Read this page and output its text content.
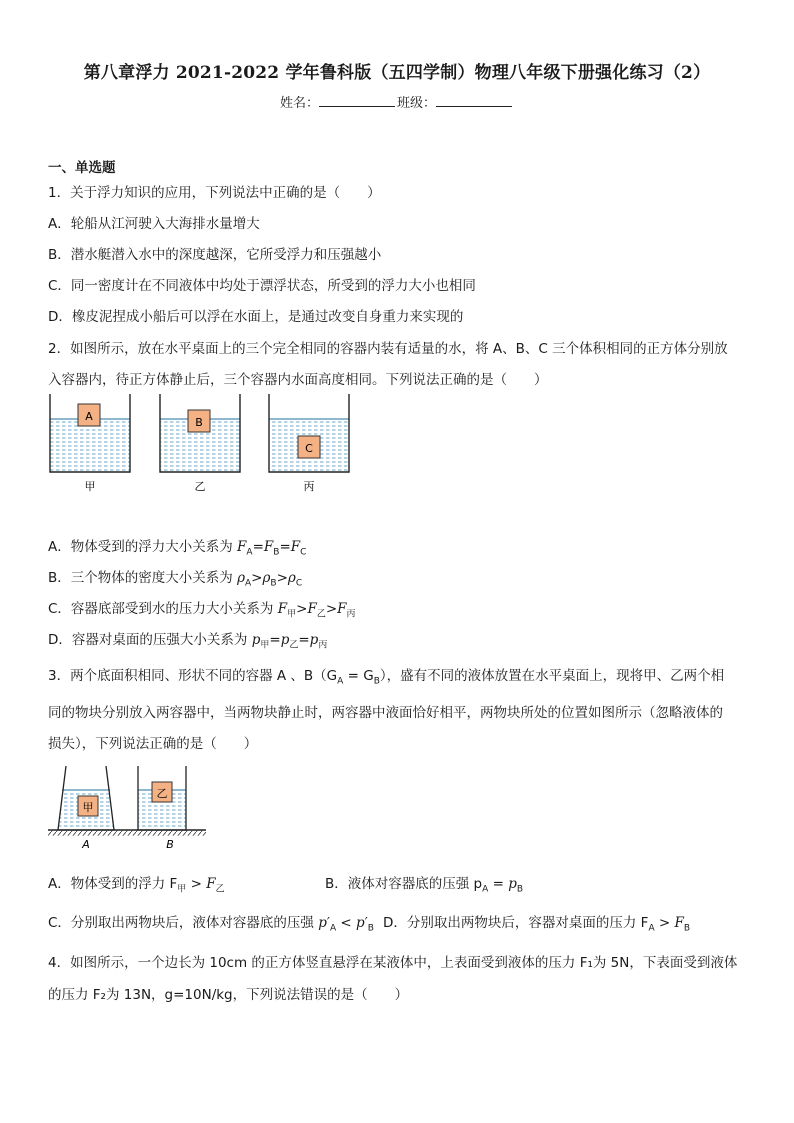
第八章浮力 2021-2022 学年鲁科版（五四学制）物理八年级下册强化练习（2）
姓名：	班级：
一、单选题
1．关于浮力知识的应用，下列说法中正确的是（　　）
A．轮船从江河驶入大海排水量增大
B．潜水艇潜入水中的深度越深，它所受浮力和压强越小
C．同一密度计在不同液体中均处于漂浮状态，所受到的浮力大小也相同
D．橡皮泥捏成小船后可以浮在水面上，是通过改变自身重力来实现的
2．如图所示，放在水平桌面上的三个完全相同的容器内装有适量的水，将 A、B、C 三个体积相同的正方体分别放
入容器内，待正方体静止后，三个容器内水面高度相同。下列说法正确的是（　　）
A
甲
B
乙
C
丙
A．物体受到的浮力大小关系为 $F_A=F_B=F_C$
B．三个物体的密度大小关系为 $\rho_A>\rho_B>\rho_C$
C．容器底部受到水的压力大小关系为 $F_甲>F_乙>F_丙$
D．容器对桌面的压强大小关系为 $p_甲=p_乙=p_丙$
3．两个底面积相同、形状不同的容器 A 、$B(G_A = G_B)$，盛有不同的液体放置在水平桌面上，现将甲、乙两个相
同的物块分别放入两容器中，当两物块静止时，两容器中液面恰好相平，两物块所处的位置如图所示（忽略液体的
损失），下列说法正确的是（　　）
甲
A
乙
B
A．物体受到的浮力 $F_甲 > F_乙$	B．液体对容器底的压强 $p_A = p_B$
C．分别取出两物块后，液体对容器底的压强 $p'_A < p'_B$ D．分别取出两物块后，容器对桌面的压力 $F_A > F_B$
4．如图所示，一个边长为 10cm 的正方体竖直悬浮在某液体中，上表面受到液体的压力 F₁为 5N，下表面受到液体
的压力 F₂为 13N，g=10N/kg，下列说法错误的是（　　）
